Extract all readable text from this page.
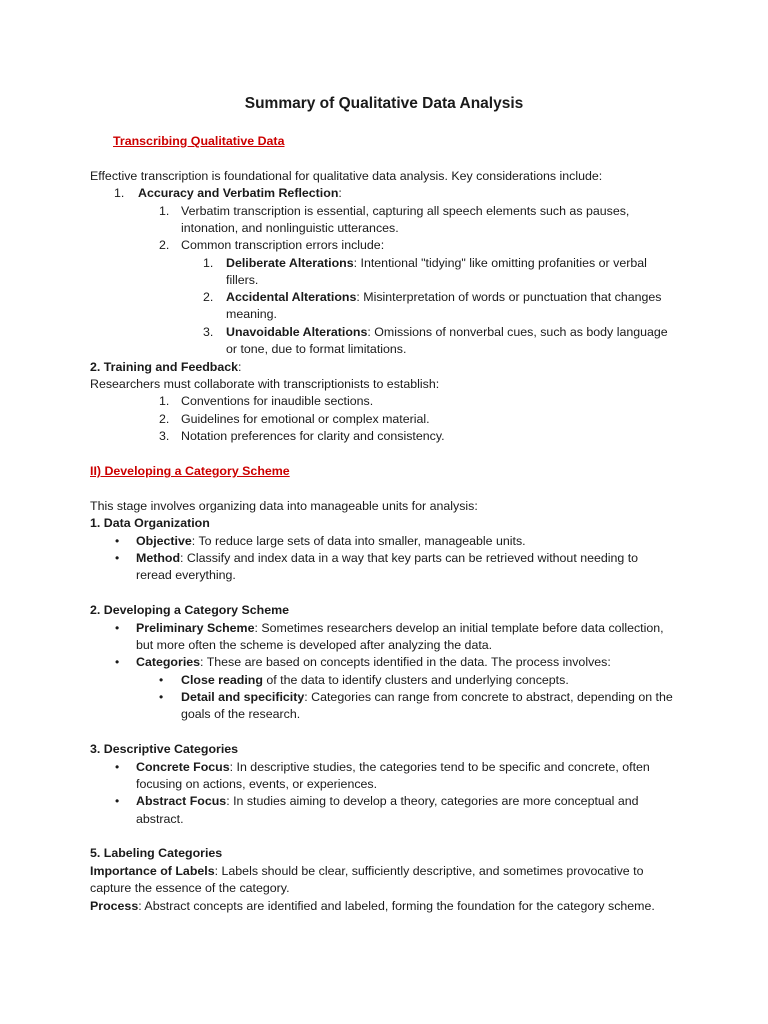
Summary of Qualitative Data Analysis
Transcribing Qualitative Data
Effective transcription is foundational for qualitative data analysis. Key considerations include:
1. Accuracy and Verbatim Reflection:
1. Verbatim transcription is essential, capturing all speech elements such as pauses,
intonation, and nonlinguistic utterances.
2. Common transcription errors include:
1. Deliberate Alterations: Intentional "tidying" like omitting profanities or verbal
fillers.
2. Accidental Alterations: Misinterpretation of words or punctuation that changes
meaning.
3. Unavoidable Alterations: Omissions of nonverbal cues, such as body language
or tone, due to format limitations.
2. Training and Feedback:
Researchers must collaborate with transcriptionists to establish:
1. Conventions for inaudible sections.
2. Guidelines for emotional or complex material.
3. Notation preferences for clarity and consistency.
II) Developing a Category Scheme
This stage involves organizing data into manageable units for analysis:
1. Data Organization
• Objective: To reduce large sets of data into smaller, manageable units.
• Method: Classify and index data in a way that key parts can be retrieved without needing to
reread everything.
2. Developing a Category Scheme
• Preliminary Scheme: Sometimes researchers develop an initial template before data collection,
but more often the scheme is developed after analyzing the data.
• Categories: These are based on concepts identified in the data. The process involves:
• Close reading of the data to identify clusters and underlying concepts.
• Detail and specificity: Categories can range from concrete to abstract, depending on the
goals of the research.
3. Descriptive Categories
• Concrete Focus: In descriptive studies, the categories tend to be specific and concrete, often
focusing on actions, events, or experiences.
• Abstract Focus: In studies aiming to develop a theory, categories are more conceptual and
abstract.
5. Labeling Categories
Importance of Labels: Labels should be clear, sufficiently descriptive, and sometimes provocative to
capture the essence of the category.
Process: Abstract concepts are identified and labeled, forming the foundation for the category scheme.
